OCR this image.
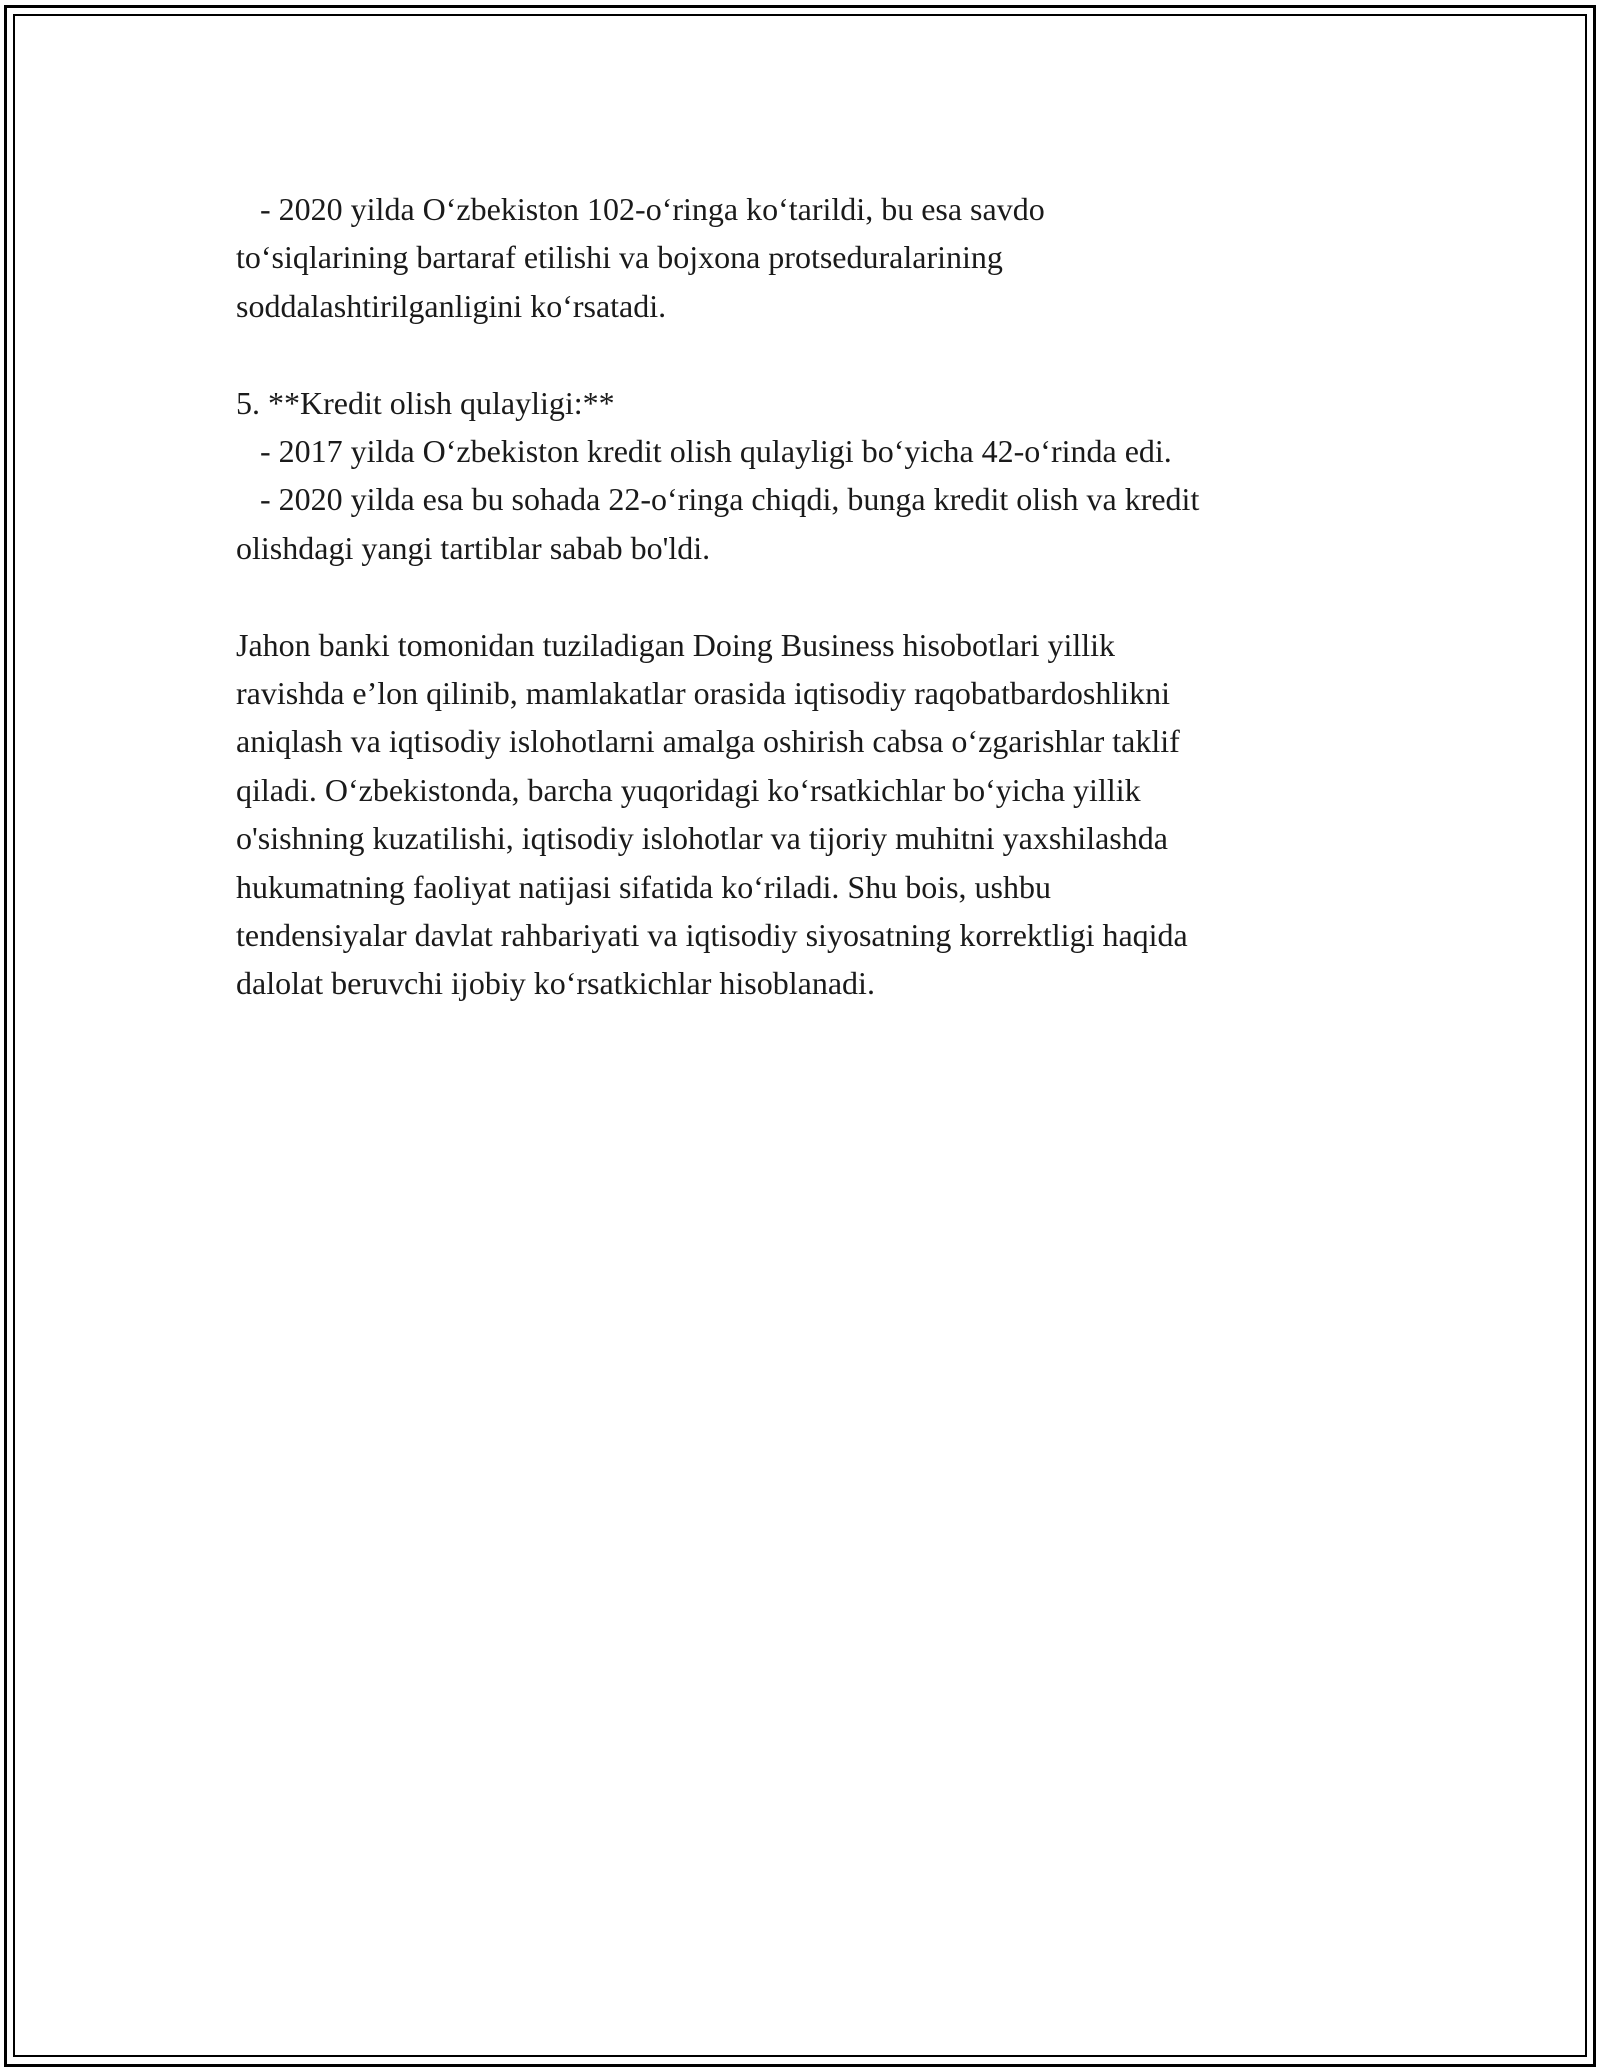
- 2020 yilda O‘zbekiston 102-o‘ringa ko‘tarildi, bu esa savdo
to‘siqlarining bartaraf etilishi va bojxona protseduralarining
soddalashtirilganligini ko‘rsatadi.
5. **Kredit olish qulayligi:**
- 2017 yilda O‘zbekiston kredit olish qulayligi bo‘yicha 42-o‘rinda edi.
- 2020 yilda esa bu sohada 22-o‘ringa chiqdi, bunga kredit olish va kredit
olishdagi yangi tartiblar sabab bo'ldi.
Jahon banki tomonidan tuziladigan Doing Business hisobotlari yillik
ravishda e’lon qilinib, mamlakatlar orasida iqtisodiy raqobatbardoshlikni
aniqlash va iqtisodiy islohotlarni amalga oshirish cabsa o‘zgarishlar taklif
qiladi. O‘zbekistonda, barcha yuqoridagi ko‘rsatkichlar bo‘yicha yillik
o'sishning kuzatilishi, iqtisodiy islohotlar va tijoriy muhitni yaxshilashda
hukumatning faoliyat natijasi sifatida ko‘riladi. Shu bois, ushbu
tendensiyalar davlat rahbariyati va iqtisodiy siyosatning korrektligi haqida
dalolat beruvchi ijobiy ko‘rsatkichlar hisoblanadi.
